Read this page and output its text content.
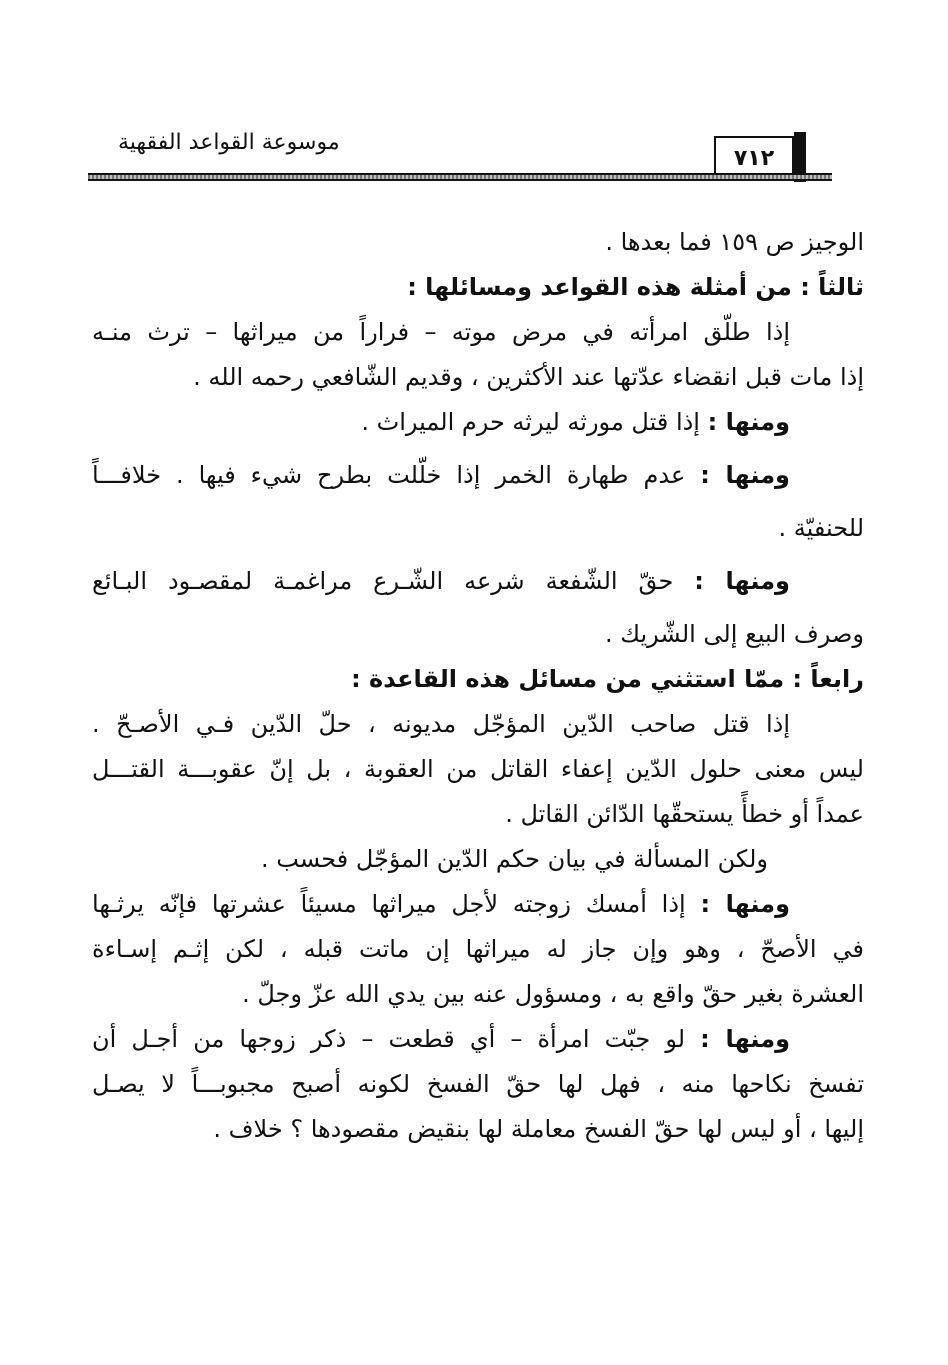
موسوعة القواعد الفقهية
٧١٢
الوجيز ص ١٥٩ فما بعدها .
ثالثاً : من أمثلة هذه القواعد ومسائلها :
إذا طلّق امرأته في مرض موته – فراراً من ميراثها – ترث منـه
إذا مات قبل انقضاء عدّتها عند الأكثرين ، وقديم الشّافعي رحمه الله .
ومنها : إذا قتل مورثه ليرثه حرم الميراث .
ومنها : عدم طهارة الخمر إذا خلّلت بطرح شيء فيها . خلافـــاً
للحنفيّة .
ومنها : حقّ الشّفعة شرعه الشّـرع مراغمـة لمقصـود البـائع
وصرف البيع إلى الشّريك .
رابعاً : ممّا استثني من مسائل هذه القاعدة :
إذا قتل صاحب الدّين المؤجّل مديونه ، حلّ الدّين فـي الأصـحّ .
ليس معنى حلول الدّين إعفاء القاتل من العقوبة ، بل إنّ عقوبـــة القتـــل
عمداً أو خطأً يستحقّها الدّائن القاتل .
ولكن المسألة في بيان حكم الدّين المؤجّل فحسب .
ومنها : إذا أمسك زوجته لأجل ميراثها مسيئاً عشرتها فإنّه يرثـها
في الأصحّ ، وهو وإن جاز له ميراثها إن ماتت قبله ، لكن إثـم إسـاءة
العشرة بغير حقّ واقع به ، ومسؤول عنه بين يدي الله عزّ وجلّ .
ومنها : لو جبّت امرأة – أي قطعت – ذكر زوجها من أجـل أن
تفسخ نكاحها منه ، فهل لها حقّ الفسخ لكونه أصبح مجبوبـــاً لا يصـل
إليها ، أو ليس لها حقّ الفسخ معاملة لها بنقيض مقصودها ؟ خلاف .
